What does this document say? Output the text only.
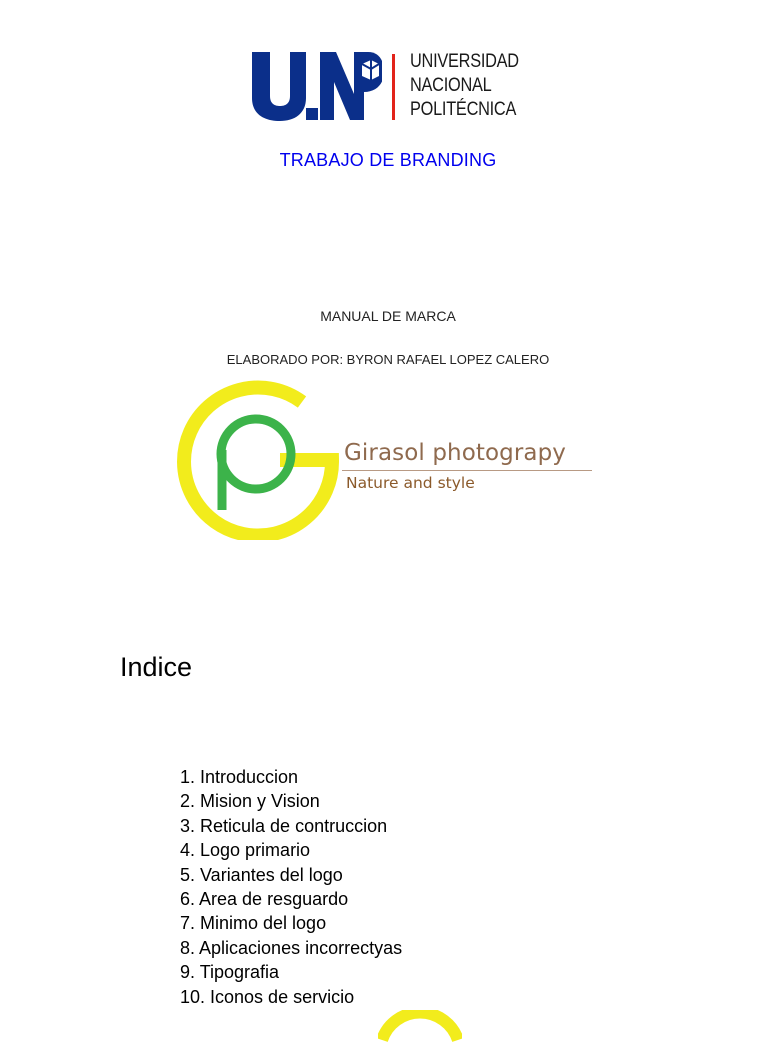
UNIVERSIDAD
NACIONAL
POLITÉCNICA
TRABAJO DE BRANDING
MANUAL DE MARCA
ELABORADO POR: BYRON RAFAEL LOPEZ CALERO
Girasol photograpy
Nature and style
Indice
1. Introduccion
2. Mision y Vision
3. Reticula de contruccion
4. Logo primario
5. Variantes del logo
6. Area de resguardo
7. Minimo del logo
8. Aplicaciones incorrectyas
9. Tipografia
10. Iconos de servicio
